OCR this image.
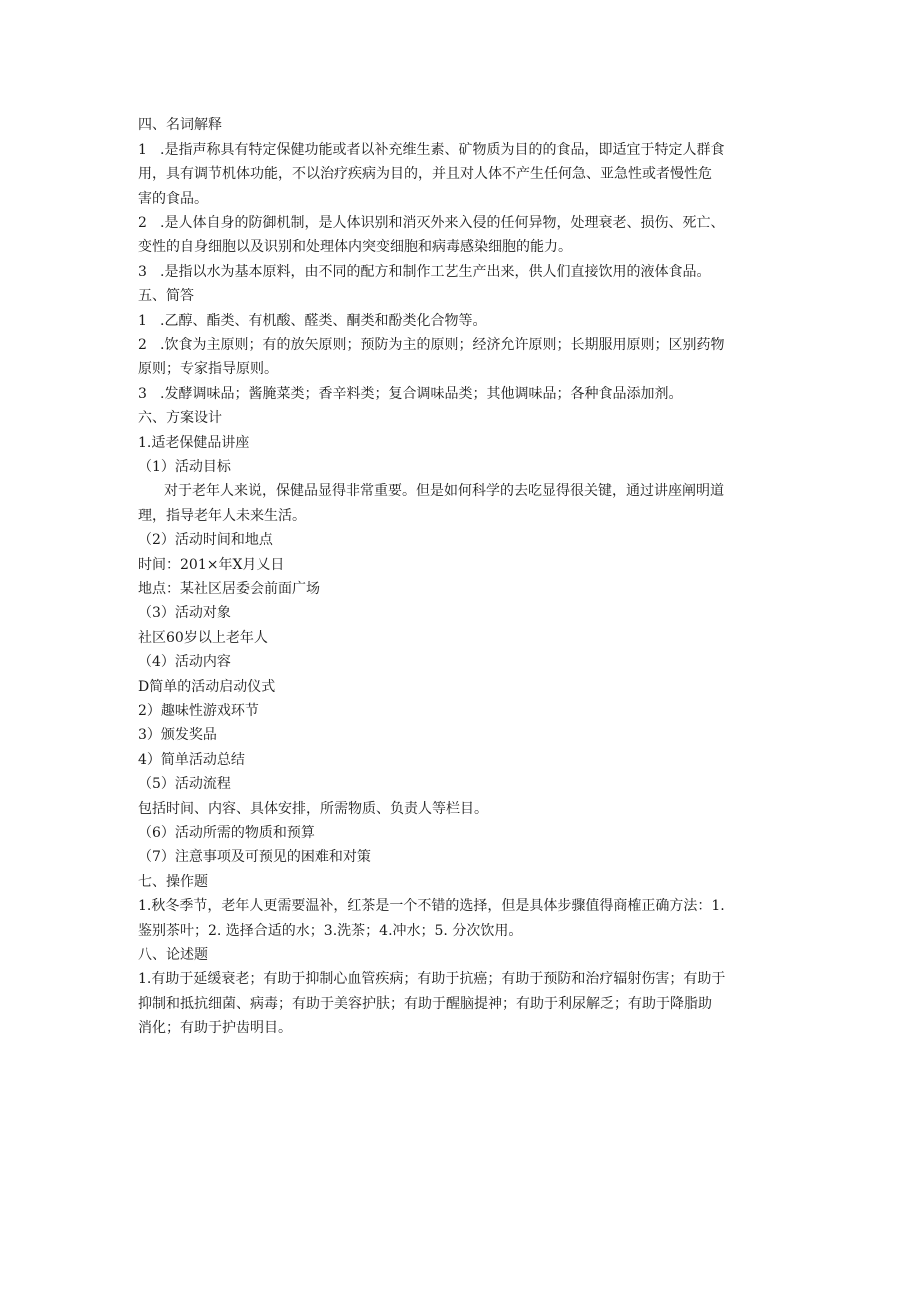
四、名词解释
1 .是指声称具有特定保健功能或者以补充维生素、矿物质为目的的食品，即适宜于特定人群食
用，具有调节机体功能，不以治疗疾病为目的，并且对人体不产生任何急、亚急性或者慢性危
害的食品。
2 .是人体自身的防御机制，是人体识别和消灭外来入侵的任何异物，处理衰老、损伤、死亡、
变性的自身细胞以及识别和处理体内突变细胞和病毒感染细胞的能力。
3 .是指以水为基本原料，由不同的配方和制作工艺生产出来，供人们直接饮用的液体食品。
五、简答
1 .乙醇、酯类、有机酸、醛类、酮类和酚类化合物等。
2 .饮食为主原则；有的放矢原则；预防为主的原则；经济允许原则；长期服用原则；区别药物
原则；专家指导原则。
3 .发酵调味品；酱腌菜类；香辛料类；复合调味品类；其他调味品；各种食品添加剂。
六、方案设计
1.适老保健品讲座
（1）活动目标
对于老年人来说，保健品显得非常重要。但是如何科学的去吃显得很关键，通过讲座阐明道
理，指导老年人未来生活。
（2）活动时间和地点
时间：201×年X月乂日
地点：某社区居委会前面广场
（3）活动对象
社区60岁以上老年人
（4）活动内容
D简单的活动启动仪式
2）趣味性游戏环节
3）颁发奖品
4）简单活动总结
（5）活动流程
包括时间、内容、具体安排，所需物质、负责人等栏目。
（6）活动所需的物质和预算
（7）注意事项及可预见的困难和对策
七、操作题
1.秋冬季节，老年人更需要温补，红茶是一个不错的选择，但是具体步骤值得商榷正确方法：1.
鉴别茶叶；2. 选择合适的水；3.洗茶；4.冲水；5. 分次饮用。
八、论述题
1.有助于延缓衰老；有助于抑制心血管疾病；有助于抗癌；有助于预防和治疗辐射伤害；有助于
抑制和抵抗细菌、病毒；有助于美容护肤；有助于醒脑提神；有助于利尿解乏；有助于降脂助
消化；有助于护齿明目。
